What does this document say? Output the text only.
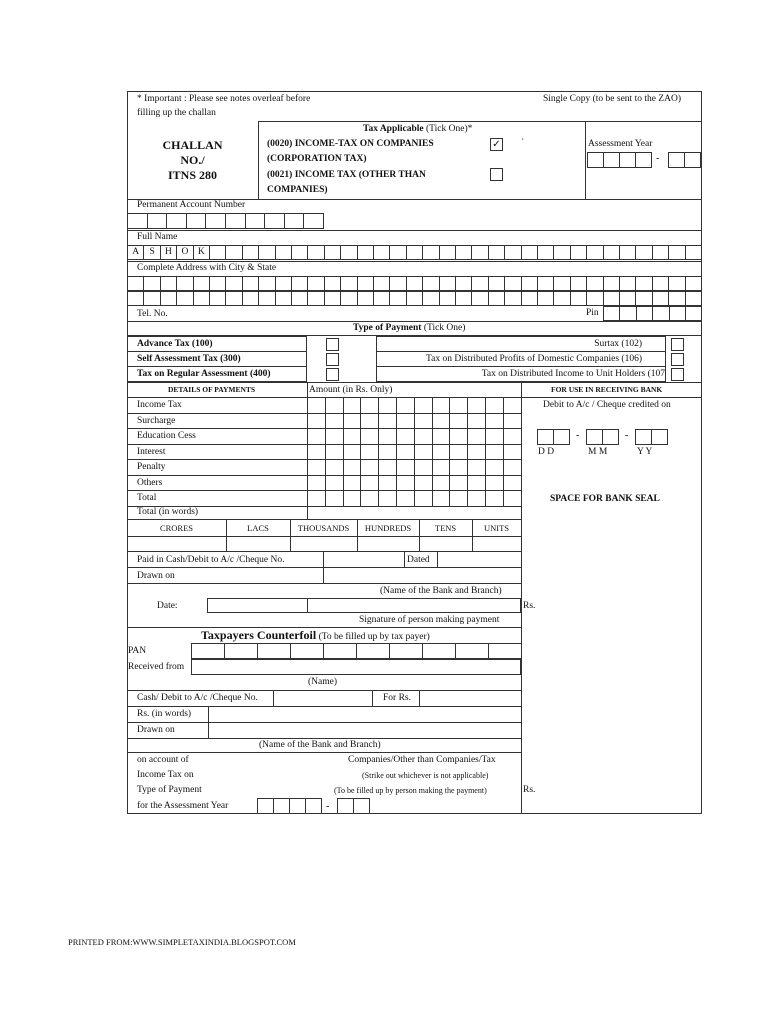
* Important : Please see notes overleaf before
filling up the challan
Single Copy (to be sent to the ZAO)
CHALLAN
NO./
ITNS 280
Tax Applicable (Tick One)*
(0020) INCOME-TAX ON COMPANIES
(CORPORATION TAX)
(0021) INCOME TAX (OTHER THAN
COMPANIES)
✓ `	Assessment Year
-
Permanent Account Number
Full Name
A	S	H	O	K
Complete Address with City & State
Tel. No.	Pin
Type of Payment (Tick One)
Advance Tax (100)
Self Assessment Tax (300)
Tax on Regular Assessment (400)
Surtax (102)
Tax on Distributed Profits of Domestic Companies (106)
Tax on Distributed Income to Unit Holders (107
DETAILS OF PAYMENTS	Amount (in Rs. Only)	FOR USE IN RECEIVING BANK
Income Tax
Surcharge
Education Cess
Interest
Penalty
Others
Total
Total (in words)
CRORES	LACS	THOUSANDS	HUNDREDS	TENS	UNITS
Debit to A/c / Cheque credited on
-	-
D D	M M	Y Y
SPACE FOR BANK SEAL
Paid in Cash/Debit to A/c /Cheque No.	Dated
Drawn on
(Name of the Bank and Branch)
Date:	Rs.
Signature of person making payment
Taxpayers Counterfoil (To be filled up by tax payer)
PAN
Received from
(Name)
Cash/ Debit to A/c /Cheque No.	For Rs.
Rs. (in words)
Drawn on
(Name of the Bank and Branch)
on account of	Companies/Other than Companies/Tax
Income Tax on	(Strike out whichever is not applicable)
Type of Payment	(To be filled up by person making the payment)	Rs.
for the Assessment Year	-
PRINTED FROM:WWW.SIMPLETAXINDIA.BLOGSPOT.COM
